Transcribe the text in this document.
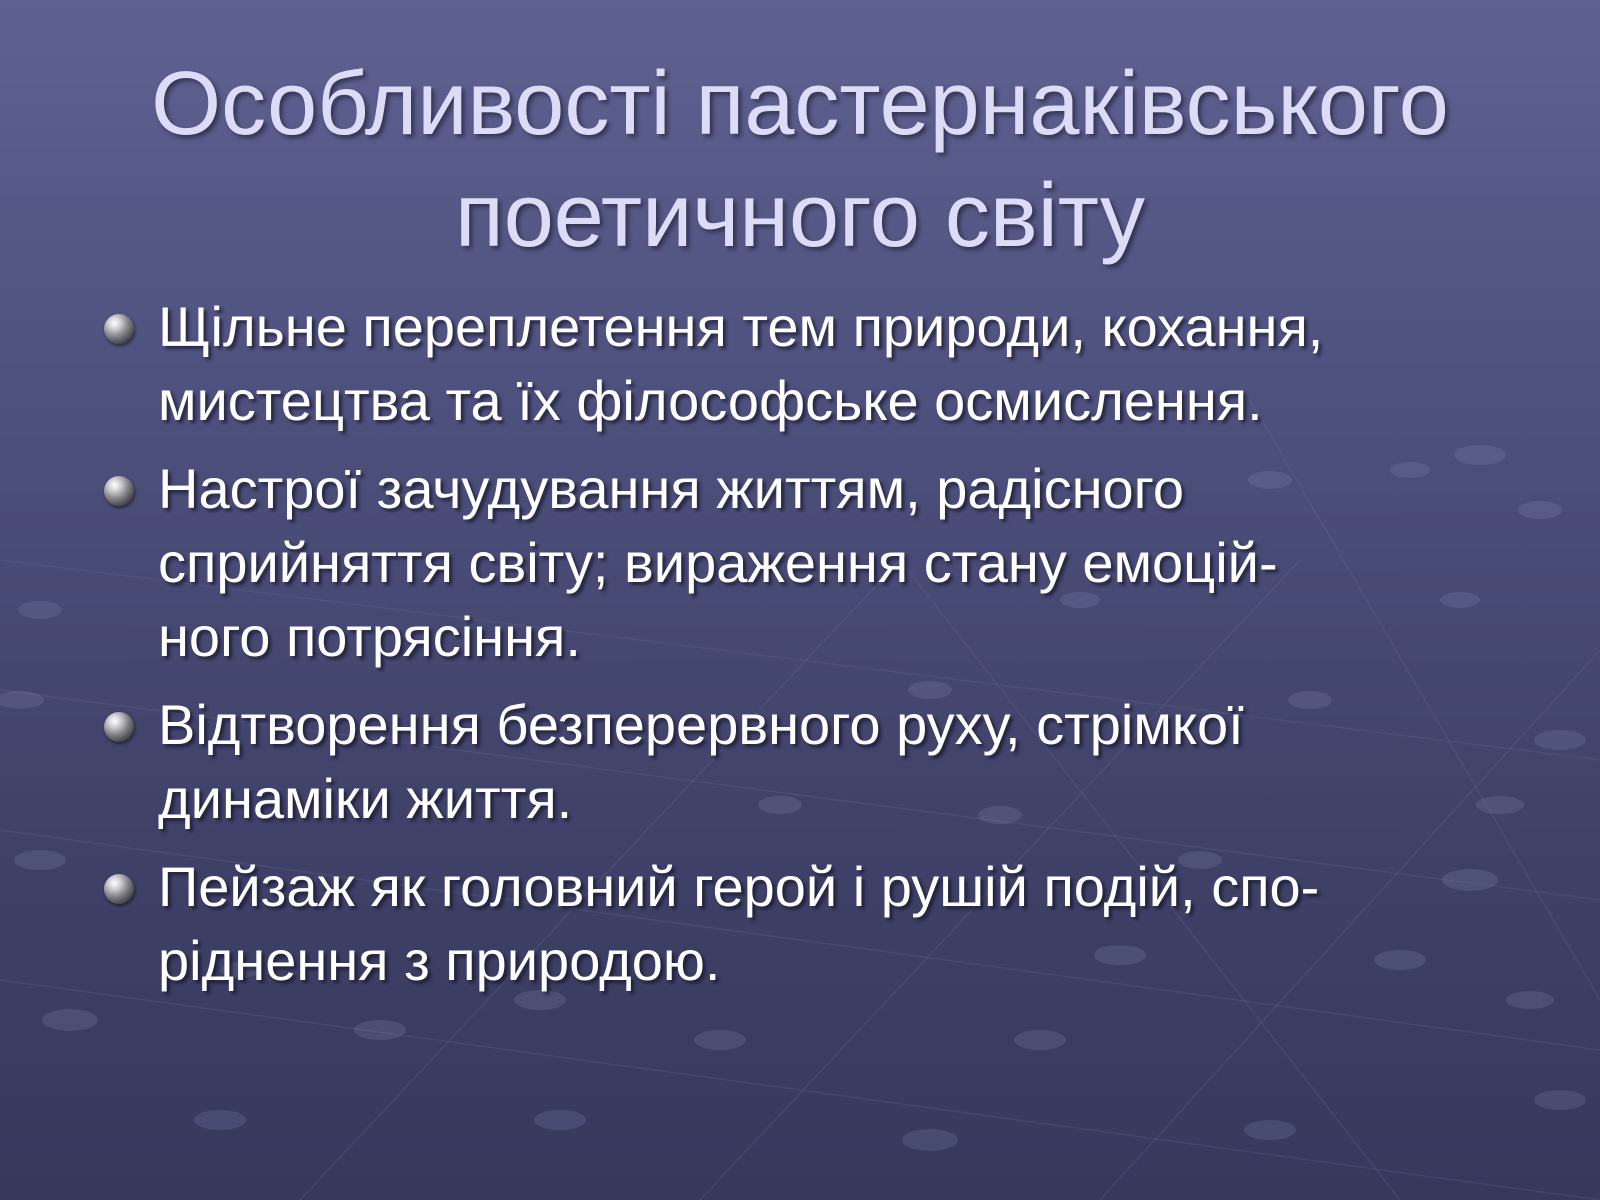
Особливості пастернаківського
поетичного світу
Щільне переплетення тем природи, кохання,
мистецтва та їх філософське осмислення.
Настрої зачудування життям, радісного
сприйняття світу; вираження стану емоцій-
ного потрясіння.
Відтворення безперервного руху, стрімкої
динаміки життя.
Пейзаж як головний герой і рушій подій, спо-
ріднення з природою.
